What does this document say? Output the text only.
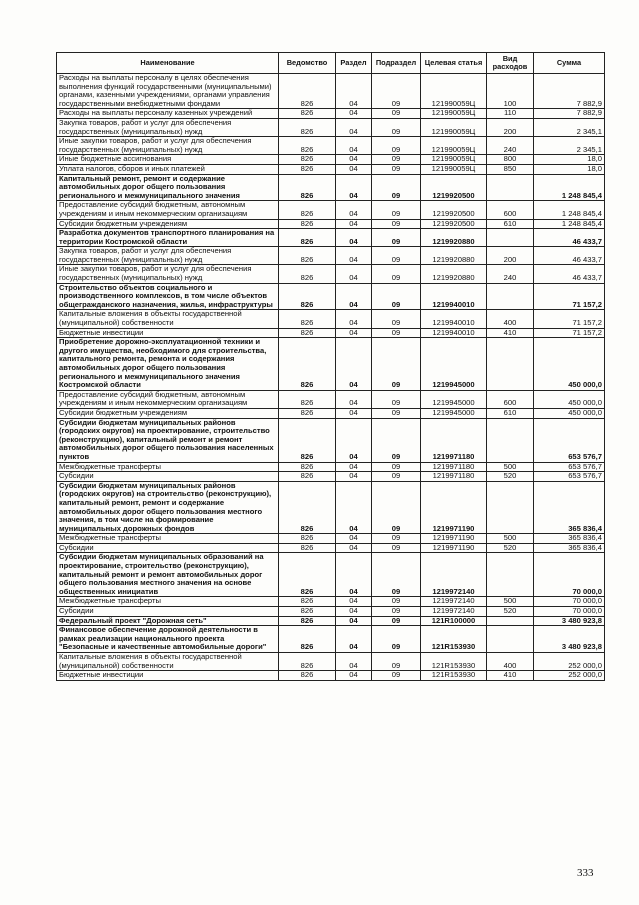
Наименование	Ведомство	Раздел	Подраздел	Целевая статья	Вид расходов	Сумма
Расходы на выплаты персоналу в целях обеспечения выполнения функций государственными (муниципальными) органами, казенными учреждениями, органами управления государственными внебюджетными фондами	826	04	09	121990059Ц	100	7 882,9
Расходы на выплаты персоналу казенных учреждений	826	04	09	121990059Ц	110	7 882,9
Закупка товаров, работ и услуг для обеспечения государственных (муниципальных) нужд	826	04	09	121990059Ц	200	2 345,1
Иные закупки товаров, работ и услуг для обеспечения государственных (муниципальных) нужд	826	04	09	121990059Ц	240	2 345,1
Иные бюджетные ассигнования	826	04	09	121990059Ц	800	18,0
Уплата налогов, сборов и иных платежей	826	04	09	121990059Ц	850	18,0
Капитальный ремонт, ремонт и содержание автомобильных дорог общего пользования регионального и межмуниципального значения	826	04	09	1219920500		1 248 845,4
Предоставление субсидий бюджетным, автономным учреждениям и иным некоммерческим организациям	826	04	09	1219920500	600	1 248 845,4
Субсидии бюджетным учреждениям	826	04	09	1219920500	610	1 248 845,4
Разработка документов транспортного планирования на территории Костромской области	826	04	09	1219920880		46 433,7
Закупка товаров, работ и услуг для обеспечения государственных (муниципальных) нужд	826	04	09	1219920880	200	46 433,7
Иные закупки товаров, работ и услуг для обеспечения государственных (муниципальных) нужд	826	04	09	1219920880	240	46 433,7
Строительство объектов социального и производственного комплексов, в том числе объектов общегражданского назначения, жилья, инфраструктуры	826	04	09	1219940010		71 157,2
Капитальные вложения в объекты государственной (муниципальной) собственности	826	04	09	1219940010	400	71 157,2
Бюджетные инвестиции	826	04	09	1219940010	410	71 157,2
Приобретение дорожно-эксплуатационной техники и другого имущества, необходимого для строительства, капитального ремонта, ремонта и содержания автомобильных дорог общего пользования регионального и межмуниципального значения Костромской области	826	04	09	1219945000		450 000,0
Предоставление субсидий бюджетным, автономным учреждениям и иным некоммерческим организациям	826	04	09	1219945000	600	450 000,0
Субсидии бюджетным учреждениям	826	04	09	1219945000	610	450 000,0
Субсидии бюджетам муниципальных районов (городских округов) на проектирование, строительство (реконструкцию), капитальный ремонт и ремонт автомобильных дорог общего пользования населенных пунктов	826	04	09	1219971180		653 576,7
Межбюджетные трансферты	826	04	09	1219971180	500	653 576,7
Субсидии	826	04	09	1219971180	520	653 576,7
Субсидии бюджетам муниципальных районов (городских округов) на строительство (реконструкцию), капитальный ремонт, ремонт и содержание автомобильных дорог общего пользования местного значения, в том числе на формирование муниципальных дорожных фондов	826	04	09	1219971190		365 836,4
Межбюджетные трансферты	826	04	09	1219971190	500	365 836,4
Субсидии	826	04	09	1219971190	520	365 836,4
Субсидии бюджетам муниципальных образований на проектирование, строительство (реконструкцию), капитальный ремонт и ремонт автомобильных дорог общего пользования местного значения на основе общественных инициатив	826	04	09	1219972140		70 000,0
Межбюджетные трансферты	826	04	09	1219972140	500	70 000,0
Субсидии	826	04	09	1219972140	520	70 000,0
Федеральный проект "Дорожная сеть"	826	04	09	121R100000		3 480 923,8
Финансовое обеспечение дорожной деятельности в рамках реализации национального проекта "Безопасные и качественные автомобильные дороги"	826	04	09	121R153930		3 480 923,8
Капитальные вложения в объекты государственной (муниципальной) собственности	826	04	09	121R153930	400	252 000,0
Бюджетные инвестиции	826	04	09	121R153930	410	252 000,0
333
